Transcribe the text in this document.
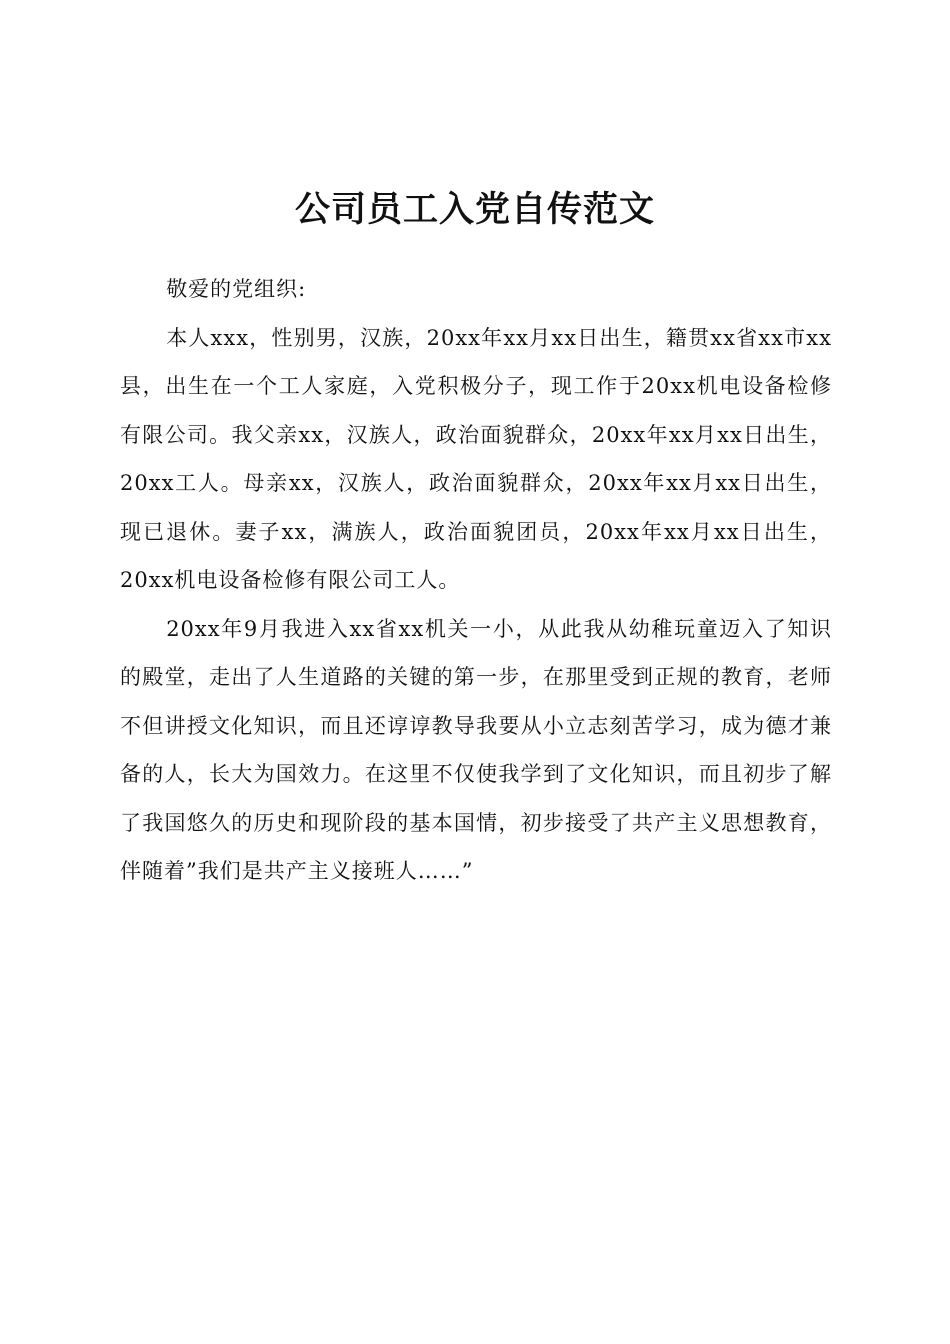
公司员工入党自传范文

敬爱的党组织:

本人xxx，性别男，汉族，20xx年xx月xx日出生，籍贯xx省xx市xx县，出生在一个工人家庭，入党积极分子，现工作于20xx机电设备检修有限公司。我父亲xx，汉族人，政治面貌群众，20xx年xx月xx日出生，20xx工人。母亲xx，汉族人，政治面貌群众，20xx年xx月xx日出生，现已退休。妻子xx，满族人，政治面貌团员，20xx年xx月xx日出生，20xx机电设备检修有限公司工人。

20xx年9月我进入xx省xx机关一小，从此我从幼稚玩童迈入了知识的殿堂，走出了人生道路的关键的第一步，在那里受到正规的教育，老师不但讲授文化知识，而且还谆谆教导我要从小立志刻苦学习，成为德才兼备的人，长大为国效力。在这里不仅使我学到了文化知识，而且初步了解了我国悠久的历史和现阶段的基本国情，初步接受了共产主义思想教育，伴随着”我们是共产主义接班人……”
